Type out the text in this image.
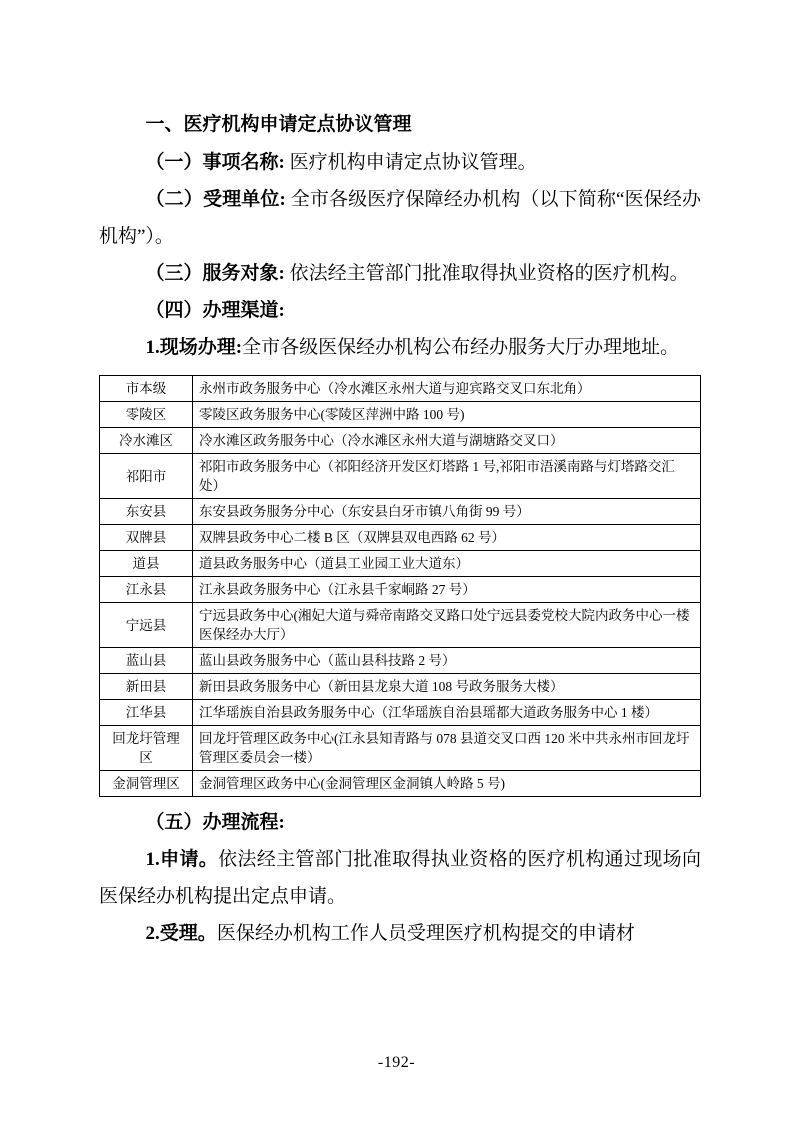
一、医疗机构申请定点协议管理

（一）事项名称: 医疗机构申请定点协议管理。

（二）受理单位: 全市各级医疗保障经办机构（以下简称“医保经办机构”）。

（三）服务对象: 依法经主管部门批准取得执业资格的医疗机构。

（四）办理渠道:

1.现场办理:全市各级医保经办机构公布经办服务大厅办理地址。

市本级	永州市政务服务中心（冷水滩区永州大道与迎宾路交叉口东北角）
零陵区	零陵区政务服务中心(零陵区萍洲中路 100 号)
冷水滩区	冷水滩区政务服务中心（冷水滩区永州大道与湖塘路交叉口）
祁阳市	祁阳市政务服务中心（祁阳经济开发区灯塔路 1 号,祁阳市浯溪南路与灯塔路交汇处）
东安县	东安县政务服务分中心（东安县白牙市镇八角街 99 号）
双牌县	双牌县政务中心二楼 B 区（双牌县双电西路 62 号）
道县	道县政务服务中心（道县工业园工业大道东）
江永县	江永县政务服务中心（江永县千家峒路 27 号）
宁远县	宁远县政务中心(湘妃大道与舜帝南路交叉路口处宁远县委党校大院内政务中心一楼医保经办大厅）
蓝山县	蓝山县政务服务中心（蓝山县科技路 2 号）
新田县	新田县政务服务中心（新田县龙泉大道 108 号政务服务大楼）
江华县	江华瑶族自治县政务服务中心（江华瑶族自治县瑶都大道政务服务中心 1 楼）
回龙圩管理区	回龙圩管理区政务中心(江永县知青路与 078 县道交叉口西 120 米中共永州市回龙圩管理区委员会一楼）
金洞管理区	金洞管理区政务中心(金洞管理区金洞镇人岭路 5 号)

（五）办理流程:

1.申请。依法经主管部门批准取得执业资格的医疗机构通过现场向医保经办机构提出定点申请。

2.受理。医保经办机构工作人员受理医疗机构提交的申请材

-192-
